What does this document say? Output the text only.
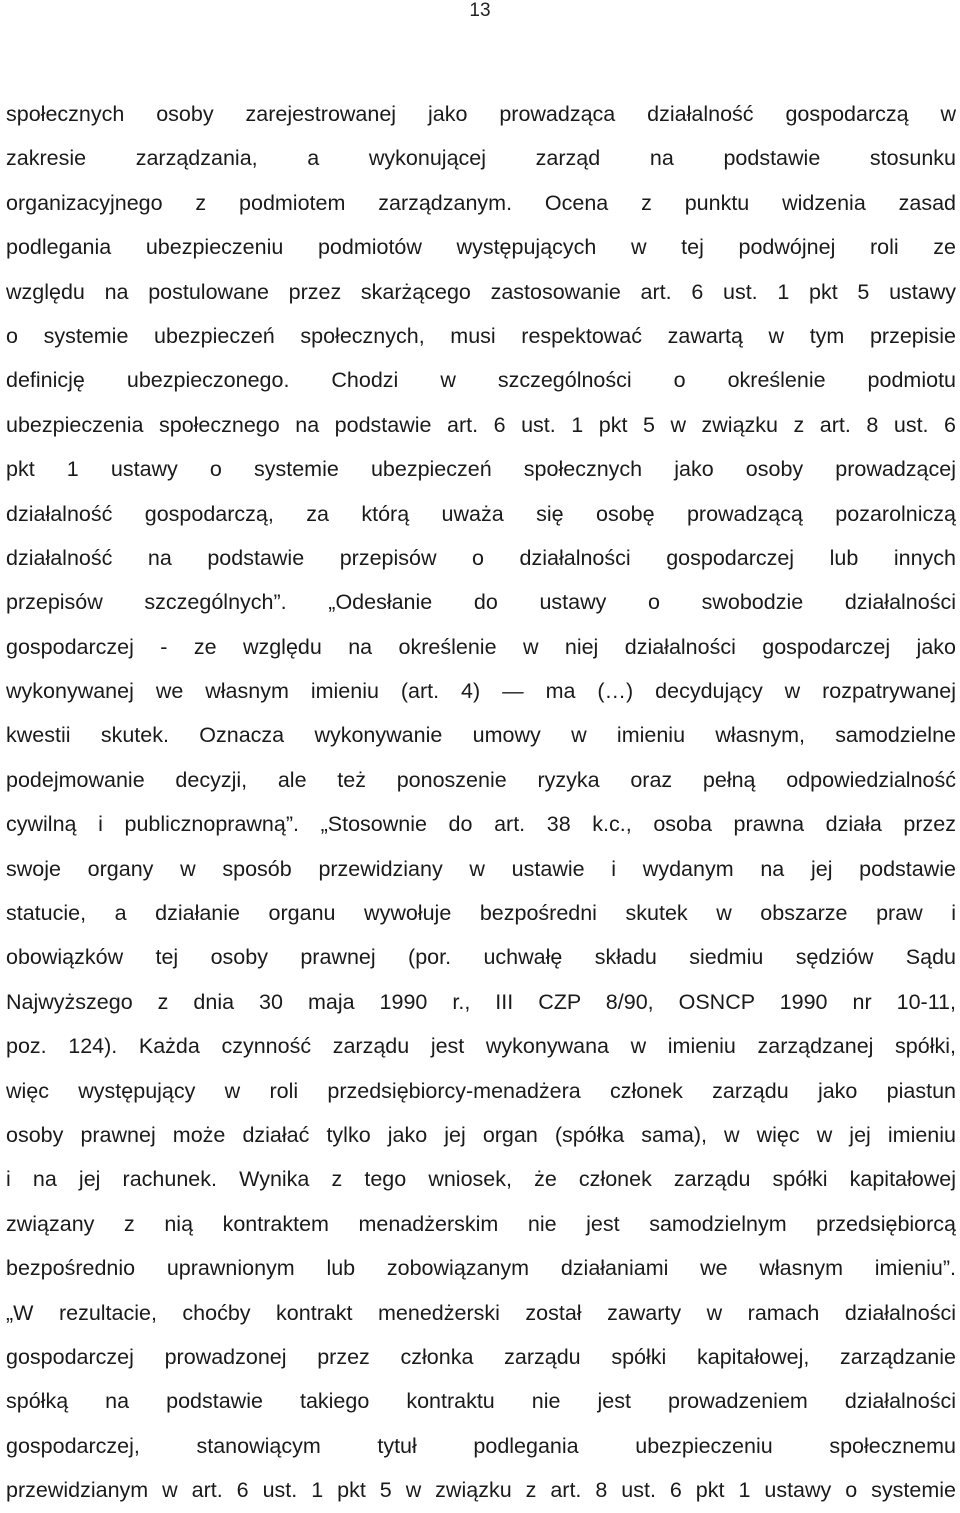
13
społecznych osoby zarejestrowanej jako prowadząca działalność gospodarczą w
zakresie zarządzania, a wykonującej zarząd na podstawie stosunku
organizacyjnego z podmiotem zarządzanym. Ocena z punktu widzenia zasad
podlegania ubezpieczeniu podmiotów występujących w tej podwójnej roli ze
względu na postulowane przez skarżącego zastosowanie art. 6 ust. 1 pkt 5 ustawy
o systemie ubezpieczeń społecznych, musi respektować zawartą w tym przepisie
definicję ubezpieczonego. Chodzi w szczególności o określenie podmiotu
ubezpieczenia społecznego na podstawie art. 6 ust. 1 pkt 5 w związku z art. 8 ust. 6
pkt 1 ustawy o systemie ubezpieczeń społecznych jako osoby prowadzącej
działalność gospodarczą, za którą uważa się osobę prowadzącą pozarolniczą
działalność na podstawie przepisów o działalności gospodarczej lub innych
przepisów szczególnych”. „Odesłanie do ustawy o swobodzie działalności
gospodarczej - ze względu na określenie w niej działalności gospodarczej jako
wykonywanej we własnym imieniu (art. 4) — ma (…) decydujący w rozpatrywanej
kwestii skutek. Oznacza wykonywanie umowy w imieniu własnym, samodzielne
podejmowanie decyzji, ale też ponoszenie ryzyka oraz pełną odpowiedzialność
cywilną i publicznoprawną”. „Stosownie do art. 38 k.c., osoba prawna działa przez
swoje organy w sposób przewidziany w ustawie i wydanym na jej podstawie
statucie, a działanie organu wywołuje bezpośredni skutek w obszarze praw i
obowiązków tej osoby prawnej (por. uchwałę składu siedmiu sędziów Sądu
Najwyższego z dnia 30 maja 1990 r., III CZP 8/90, OSNCP 1990 nr 10-11,
poz. 124). Każda czynność zarządu jest wykonywana w imieniu zarządzanej spółki,
więc występujący w roli przedsiębiorcy-menadżera członek zarządu jako piastun
osoby prawnej może działać tylko jako jej organ (spółka sama), w więc w jej imieniu
i na jej rachunek. Wynika z tego wniosek, że członek zarządu spółki kapitałowej
związany z nią kontraktem menadżerskim nie jest samodzielnym przedsiębiorcą
bezpośrednio uprawnionym lub zobowiązanym działaniami we własnym imieniu”.
„W rezultacie, choćby kontrakt menedżerski został zawarty w ramach działalności
gospodarczej prowadzonej przez członka zarządu spółki kapitałowej, zarządzanie
spółką na podstawie takiego kontraktu nie jest prowadzeniem działalności
gospodarczej, stanowiącym tytuł podlegania ubezpieczeniu społecznemu
przewidzianym w art. 6 ust. 1 pkt 5 w związku z art. 8 ust. 6 pkt 1 ustawy o systemie
